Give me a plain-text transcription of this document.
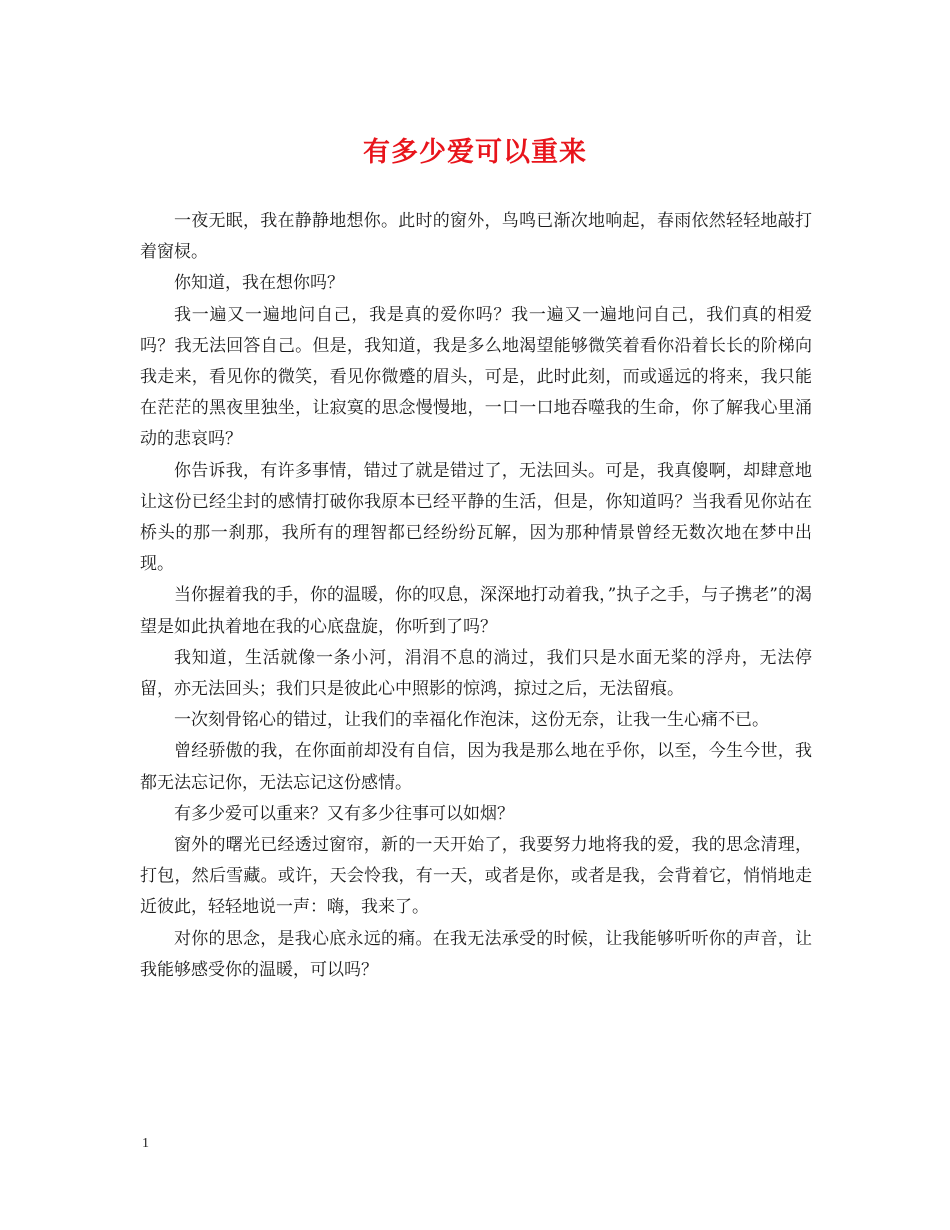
有多少爱可以重来

一夜无眠，我在静静地想你。此时的窗外，鸟鸣已渐次地响起，春雨依然轻轻地敲打着窗棂。

你知道，我在想你吗？

我一遍又一遍地问自己，我是真的爱你吗？我一遍又一遍地问自己，我们真的相爱吗？我无法回答自己。但是，我知道，我是多么地渴望能够微笑着看你沿着长长的阶梯向我走来，看见你的微笑，看见你微蹙的眉头，可是，此时此刻，而或遥远的将来，我只能在茫茫的黑夜里独坐，让寂寞的思念慢慢地，一口一口地吞噬我的生命，你了解我心里涌动的悲哀吗？

你告诉我，有许多事情，错过了就是错过了，无法回头。可是，我真傻啊，却肆意地让这份已经尘封的感情打破你我原本已经平静的生活，但是，你知道吗？当我看见你站在桥头的那一刹那，我所有的理智都已经纷纷瓦解，因为那种情景曾经无数次地在梦中出现。

当你握着我的手，你的温暖，你的叹息，深深地打动着我，”执子之手，与子携老”的渴望是如此执着地在我的心底盘旋，你听到了吗？

我知道，生活就像一条小河，涓涓不息的淌过，我们只是水面无桨的浮舟，无法停留，亦无法回头；我们只是彼此心中照影的惊鸿，掠过之后，无法留痕。

一次刻骨铭心的错过，让我们的幸福化作泡沫，这份无奈，让我一生心痛不已。

曾经骄傲的我，在你面前却没有自信，因为我是那么地在乎你，以至，今生今世，我都无法忘记你，无法忘记这份感情。

有多少爱可以重来？又有多少往事可以如烟？

窗外的曙光已经透过窗帘，新的一天开始了，我要努力地将我的爱，我的思念清理，打包，然后雪藏。或许，天会怜我，有一天，或者是你，或者是我，会背着它，悄悄地走近彼此，轻轻地说一声：嗨，我来了。

对你的思念，是我心底永远的痛。在我无法承受的时候，让我能够听听你的声音，让我能够感受你的温暖，可以吗？

1
